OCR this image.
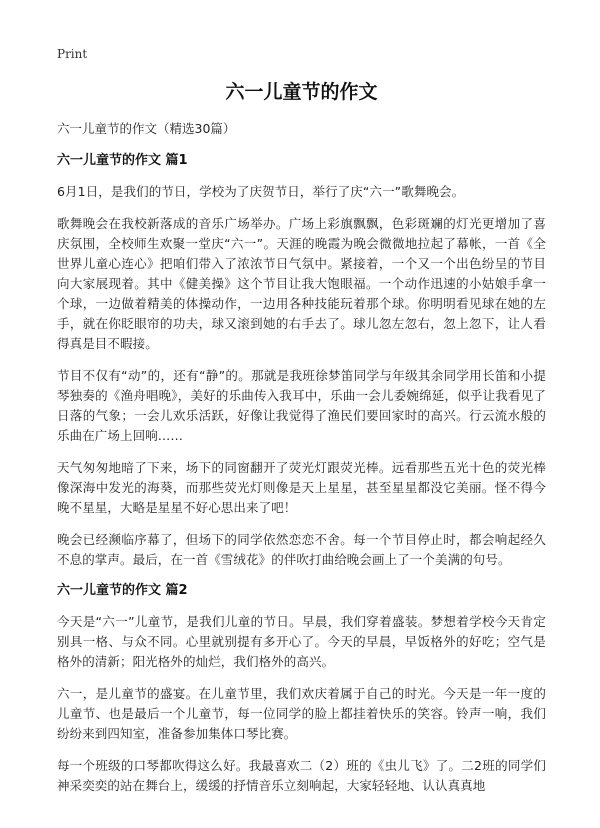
Print
六一儿童节的作文

六一儿童节的作文（精选30篇）

六一儿童节的作文 篇1

6月1日，是我们的节日，学校为了庆贺节日，举行了庆“六一”歌舞晚会。

歌舞晚会在我校新落成的音乐广场举办。广场上彩旗飘飘，色彩斑斓的灯光更增加了喜庆氛围，全校师生欢聚一堂庆“六一”。天涯的晚霞为晚会微微地拉起了幕帐，一首《全世界儿童心连心》把咱们带入了浓浓节日气氛中。紧接着，一个又一个出色纷呈的节目向大家展现着。其中《健美操》这个节目让我大饱眼福。一个动作迅速的小姑娘手拿一个球，一边做着精美的体操动作，一边用各种技能玩着那个球。你明明看见球在她的左手，就在你眨眼帘的功夫，球又滚到她的右手去了。球儿忽左忽右，忽上忽下，让人看得真是目不暇接。

节目不仅有“动”的，还有“静”的。那就是我班徐梦笛同学与年级其余同学用长笛和小提琴独奏的《渔舟唱晚》，美好的乐曲传入我耳中，乐曲一会儿委婉绵延，似乎让我看见了日落的气象；一会儿欢乐活跃，好像让我觉得了渔民们要回家时的高兴。行云流水般的乐曲在广场上回响……

天气匆匆地暗了下来，场下的同窗翻开了荧光灯跟荧光棒。远看那些五光十色的荧光棒像深海中发光的海葵，而那些荧光灯则像是天上星星，甚至星星都没它美丽。怪不得今晚不星星，大略是星星不好心思出来了吧！

晚会已经濒临序幕了，但场下的同学依然恋恋不舍。每一个节目停止时，都会响起经久不息的掌声。最后，在一首《雪绒花》的伴吹打曲给晚会画上了一个美满的句号。

六一儿童节的作文 篇2

今天是“六一”儿童节，是我们儿童的节日。早晨，我们穿着盛装。梦想着学校今天肯定别具一格、与众不同。心里就别提有多开心了。今天的早晨，早饭格外的好吃；空气是格外的清新；阳光格外的灿烂，我们格外的高兴。

六一，是儿童节的盛宴。在儿童节里，我们欢庆着属于自己的时光。今天是一年一度的儿童节、也是最后一个儿童节，每一位同学的脸上都挂着快乐的笑容。铃声一响，我们纷纷来到四知室，准备参加集体口琴比赛。

每一个班级的口琴都吹得这么好。我最喜欢二（2）班的《虫儿飞》了。二2班的同学们神采奕奕的站在舞台上，缓缓的抒情音乐立刻响起，大家轻轻地、认认真真地
